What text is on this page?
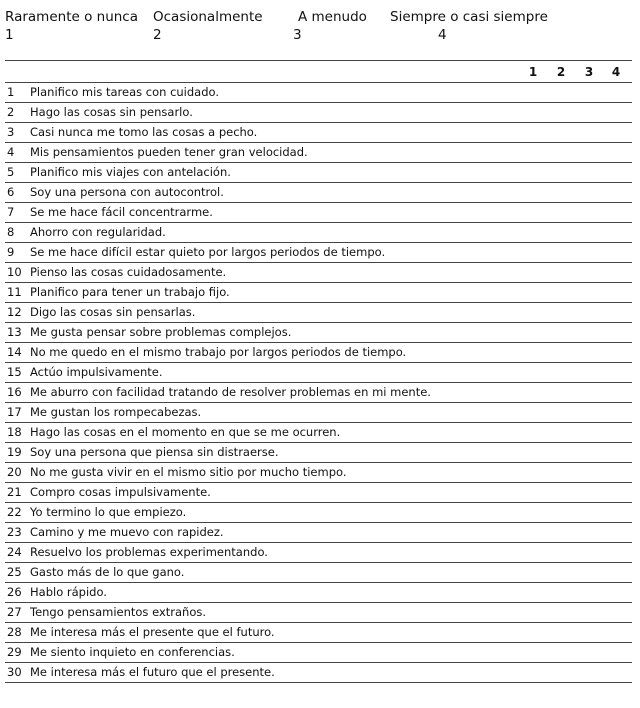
Raramente o nunca
1
Ocasionalmente
2
A menudo
3
Siempre o casi siempre
4
1 2 3 4
1 Planifico mis tareas con cuidado.
2 Hago las cosas sin pensarlo.
3 Casi nunca me tomo las cosas a pecho.
4 Mis pensamientos pueden tener gran velocidad.
5 Planifico mis viajes con antelación.
6 Soy una persona con autocontrol.
7 Se me hace fácil concentrarme.
8 Ahorro con regularidad.
9 Se me hace difícil estar quieto por largos periodos de tiempo.
10 Pienso las cosas cuidadosamente.
11 Planifico para tener un trabajo fijo.
12 Digo las cosas sin pensarlas.
13 Me gusta pensar sobre problemas complejos.
14 No me quedo en el mismo trabajo por largos periodos de tiempo.
15 Actúo impulsivamente.
16 Me aburro con facilidad tratando de resolver problemas en mi mente.
17 Me gustan los rompecabezas.
18 Hago las cosas en el momento en que se me ocurren.
19 Soy una persona que piensa sin distraerse.
20 No me gusta vivir en el mismo sitio por mucho tiempo.
21 Compro cosas impulsivamente.
22 Yo termino lo que empiezo.
23 Camino y me muevo con rapidez.
24 Resuelvo los problemas experimentando.
25 Gasto más de lo que gano.
26 Hablo rápido.
27 Tengo pensamientos extraños.
28 Me interesa más el presente que el futuro.
29 Me siento inquieto en conferencias.
30 Me interesa más el futuro que el presente.
